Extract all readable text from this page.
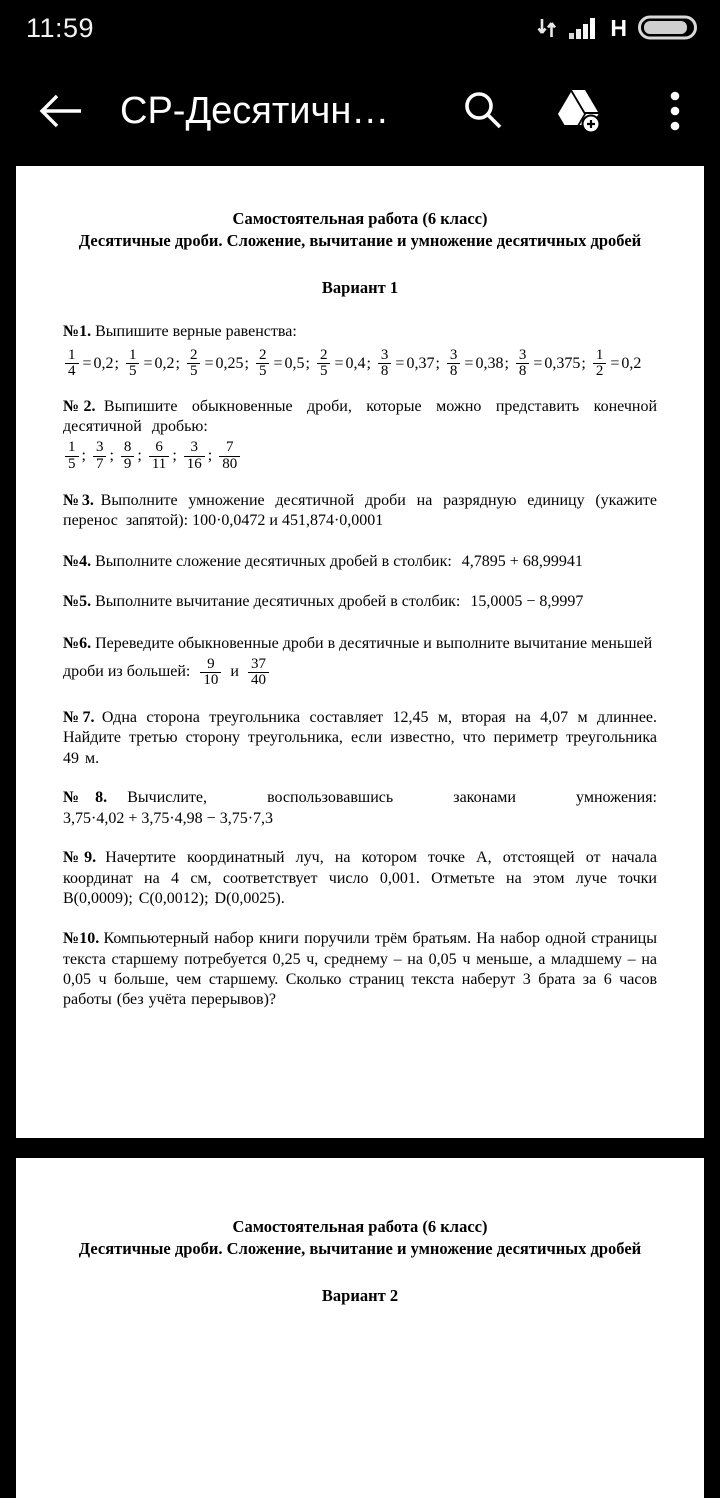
11:59	H
СР-Десятичн…
Самостоятельная работа (6 класс)
Десятичные дроби. Сложение, вычитание и умножение десятичных дробей
Вариант 1
№1. Выпишите верные равенства:
$\frac{1}{4} = 0,2$ ; $\frac{1}{5} = 0,2$ ; $\frac{2}{5} = 0,25$ ; $\frac{2}{5} = 0,5$ ; $\frac{2}{5} = 0,4$ ; $\frac{3}{8} = 0,37$ ; $\frac{3}{8} = 0,38$ ; $\frac{3}{8} = 0,375$ ; $\frac{1}{2} = 0,2$
№2. Выпишите обыкновенные дроби, которые можно представить конечной десятичной дробью:
$\frac{1}{5}$ ; $\frac{3}{7}$ ; $\frac{8}{9}$ ; $\frac{6}{11}$ ; $\frac{3}{16}$ ; $\frac{7}{80}$
№3. Выполните умножение десятичной дроби на разрядную единицу (укажите перенос запятой): 100·0,0472 и 451,874·0,0001
№4. Выполните сложение десятичных дробей в столбик: 4,7895 + 68,99941
№5. Выполните вычитание десятичных дробей в столбик: 15,0005 − 8,9997
№6. Переведите обыкновенные дроби в десятичные и выполните вычитание меньшей
дроби из большей: $\frac{9}{10}$ и $\frac{37}{40}$
№7. Одна сторона треугольника составляет 12,45 м, вторая на 4,07 м длиннее. Найдите третью сторону треугольника, если известно, что периметр треугольника 49 м.
№8. Вычислите, воспользовавшись законами умножения:
3,75·4,02 + 3,75·4,98 − 3,75·7,3
№9. Начертите координатный луч, на котором точке А, отстоящей от начала координат на 4 см, соответствует число 0,001. Отметьте на этом луче точки B(0,0009); C(0,0012); D(0,0025).
№10. Компьютерный набор книги поручили трём братьям. На набор одной страницы текста старшему потребуется 0,25 ч, среднему – на 0,05 ч меньше, а младшему – на 0,05 ч больше, чем старшему. Сколько страниц текста наберут 3 брата за 6 часов работы (без учёта перерывов)?
Самостоятельная работа (6 класс)
Десятичные дроби. Сложение, вычитание и умножение десятичных дробей
Вариант 2
